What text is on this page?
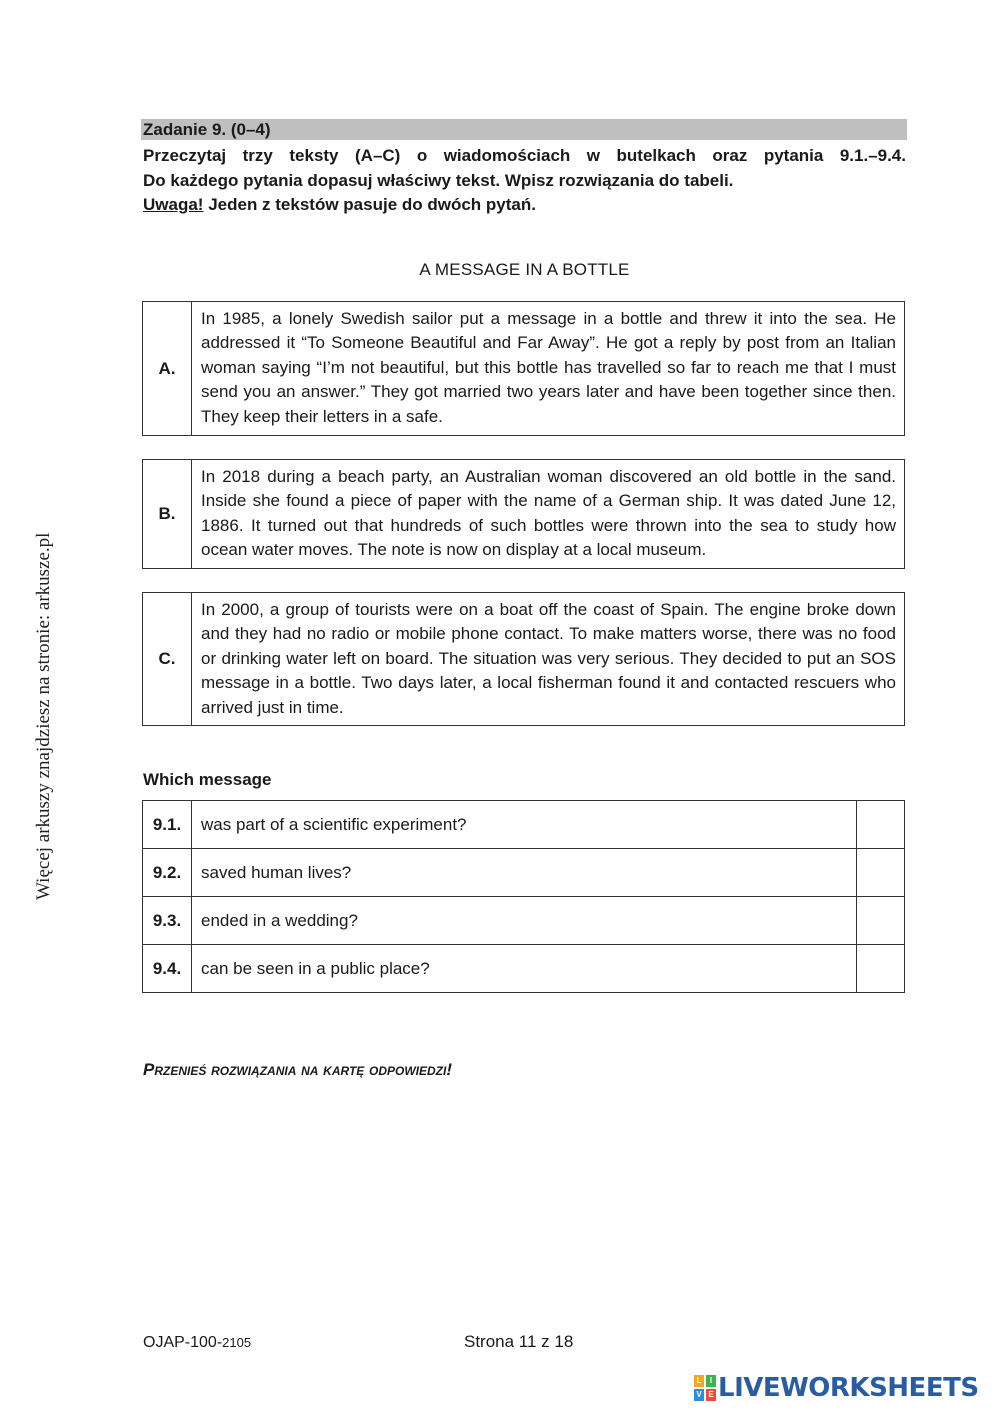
Więcej arkuszy znajdziesz na stronie: arkusze.pl
Zadanie 9. (0–4)
Przeczytaj trzy teksty (A–C) o wiadomościach w butelkach oraz pytania 9.1.–9.4.
Do każdego pytania dopasuj właściwy tekst. Wpisz rozwiązania do tabeli.
Uwaga! Jeden z tekstów pasuje do dwóch pytań.
A MESSAGE IN A BOTTLE
A.
In 1985, a lonely Swedish sailor put a message in a bottle and threw it into the sea. He addressed it “To Someone Beautiful and Far Away”. He got a reply by post from an Italian woman saying “I’m not beautiful, but this bottle has travelled so far to reach me that I must send you an answer.” They got married two years later and have been together since then. They keep their letters in a safe.
B.
In 2018 during a beach party, an Australian woman discovered an old bottle in the sand. Inside she found a piece of paper with the name of a German ship. It was dated June 12, 1886. It turned out that hundreds of such bottles were thrown into the sea to study how ocean water moves. The note is now on display at a local museum.
C.
In 2000, a group of tourists were on a boat off the coast of Spain. The engine broke down and they had no radio or mobile phone contact. To make matters worse, there was no food or drinking water left on board. The situation was very serious. They decided to put an SOS message in a bottle. Two days later, a local fisherman found it and contacted rescuers who arrived just in time.
Which message
9.1.	was part of a scientific experiment?	
9.2.	saved human lives?	
9.3.	ended in a wedding?	
9.4.	can be seen in a public place?	
Przenieś rozwiązania na kartę odpowiedzi!
OJAP-100-2105	Strona 11 z 18
L	I
V E LIVEWORKSHEETS
